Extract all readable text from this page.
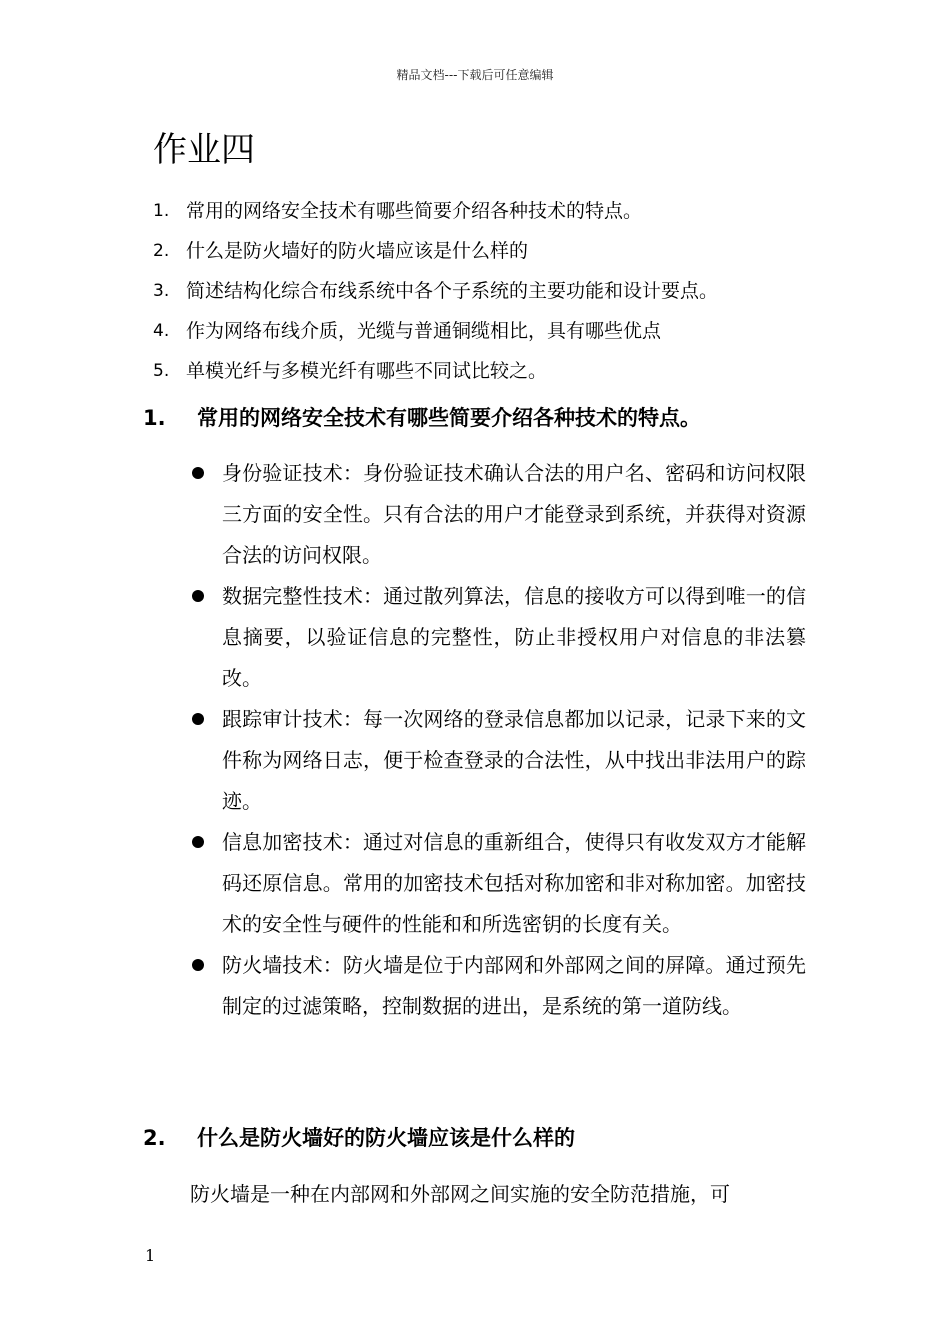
精品文档---下载后可任意编辑
作业四
1. 常用的网络安全技术有哪些简要介绍各种技术的特点。
2. 什么是防火墙好的防火墙应该是什么样的
3. 简述结构化综合布线系统中各个子系统的主要功能和设计要点。
4. 作为网络布线介质，光缆与普通铜缆相比，具有哪些优点
5. 单模光纤与多模光纤有哪些不同试比较之。
1.	常用的网络安全技术有哪些简要介绍各种技术的特点。
身份验证技术：身份验证技术确认合法的用户名、密码和访问权限三方面的安全性。只有合法的用户才能登录到系统，并获得对资源合法的访问权限。
数据完整性技术：通过散列算法，信息的接收方可以得到唯一的信息摘要，以验证信息的完整性，防止非授权用户对信息的非法篡改。
跟踪审计技术：每一次网络的登录信息都加以记录，记录下来的文件称为网络日志，便于检查登录的合法性，从中找出非法用户的踪迹。
信息加密技术：通过对信息的重新组合，使得只有收发双方才能解码还原信息。常用的加密技术包括对称加密和非对称加密。加密技术的安全性与硬件的性能和和所选密钥的长度有关。
防火墙技术：防火墙是位于内部网和外部网之间的屏障。通过预先制定的过滤策略，控制数据的进出，是系统的第一道防线。
2.	什么是防火墙好的防火墙应该是什么样的

防火墙是一种在内部网和外部网之间实施的安全防范措施，可

1
